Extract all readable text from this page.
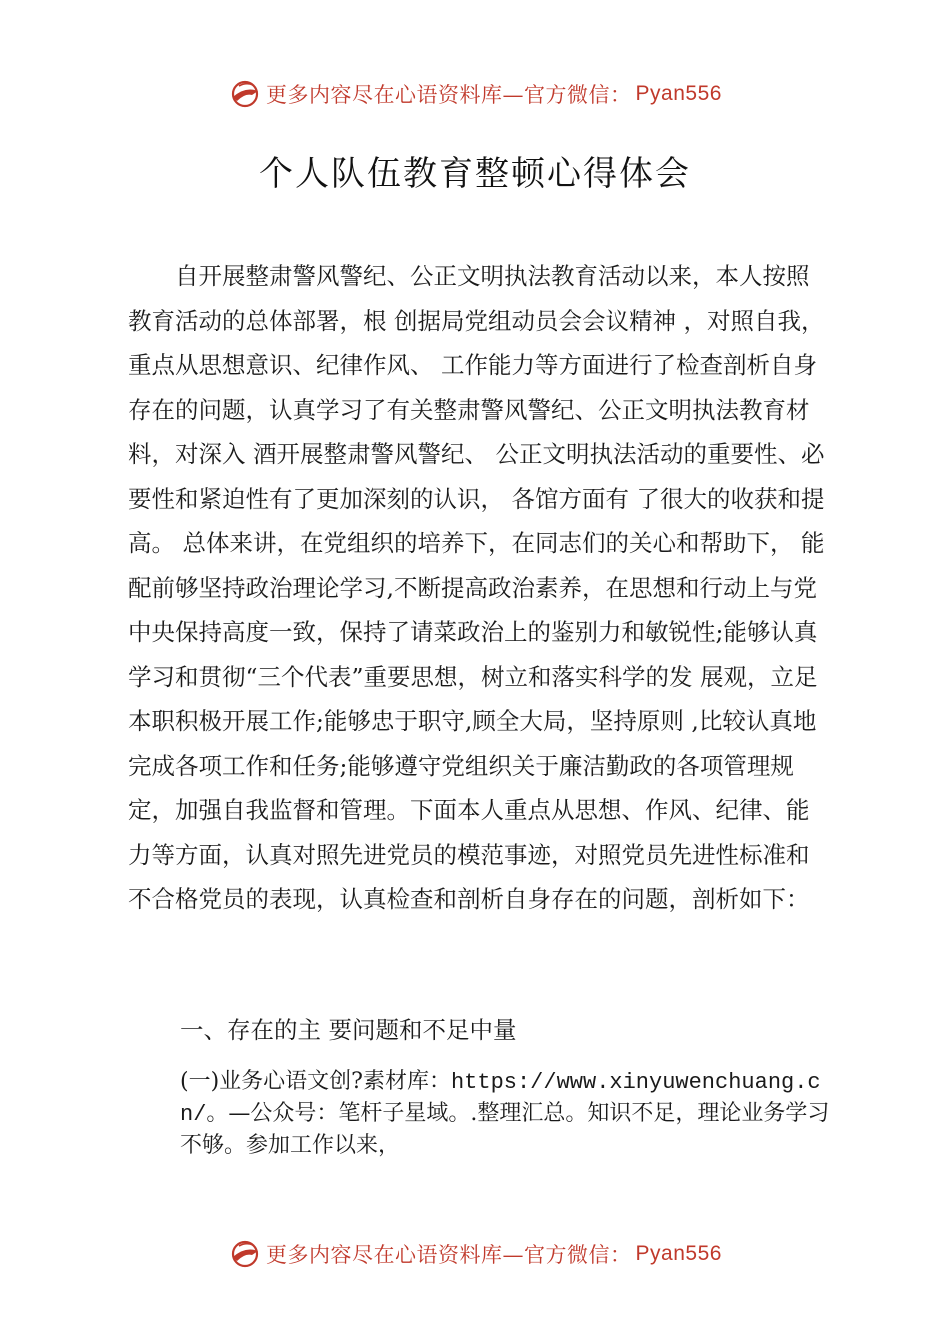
更多内容尽在心语资料库—官方微信： Pyan556
个人队伍教育整顿心得体会

自开展整肃警风警纪、公正文明执法教育活动以来，本人按照教育活动的总体部署，根 创据局党组动员会会议精神 ，对照自我，重点从思想意识、纪律作风、 工作能力等方面进行了检查剖析自身存在的问题，认真学习了有关整肃警风警纪、公正文明执法教育材料，对深入 酒开展整肃警风警纪、 公正文明执法活动的重要性、必要性和紧迫性有了更加深刻的认识， 各馆方面有 了很大的收获和提高。 总体来讲，在党组织的培养下，在同志们的关心和帮助下， 能配前够坚持政治理论学习,不断提高政治素养，在思想和行动上与党中央保持高度一致，保持了请菜政治上的鉴别力和敏锐性;能够认真学习和贯彻“三个代表”重要思想，树立和落实科学的发 展观，立足本职积极开展工作;能够忠于职守,顾全大局，坚持原则 ,比较认真地完成各项工作和任务;能够遵守党组织关于廉洁勤政的各项管理规定，加强自我监督和管理。下面本人重点从思想、作风、纪律、能力等方面，认真对照先进党员的模范事迹，对照党员先进性标准和不合格党员的表现，认真检查和剖析自身存在的问题，剖析如下：

一、存在的主 要问题和不足中量
(一)业务心语文创?素材库：https://www.xinyuwenchuang.cn/。—公众号：笔杆子星域。.整理汇总。知识不足，理论业务学习不够。参加工作以来，
更多内容尽在心语资料库—官方微信： Pyan556
